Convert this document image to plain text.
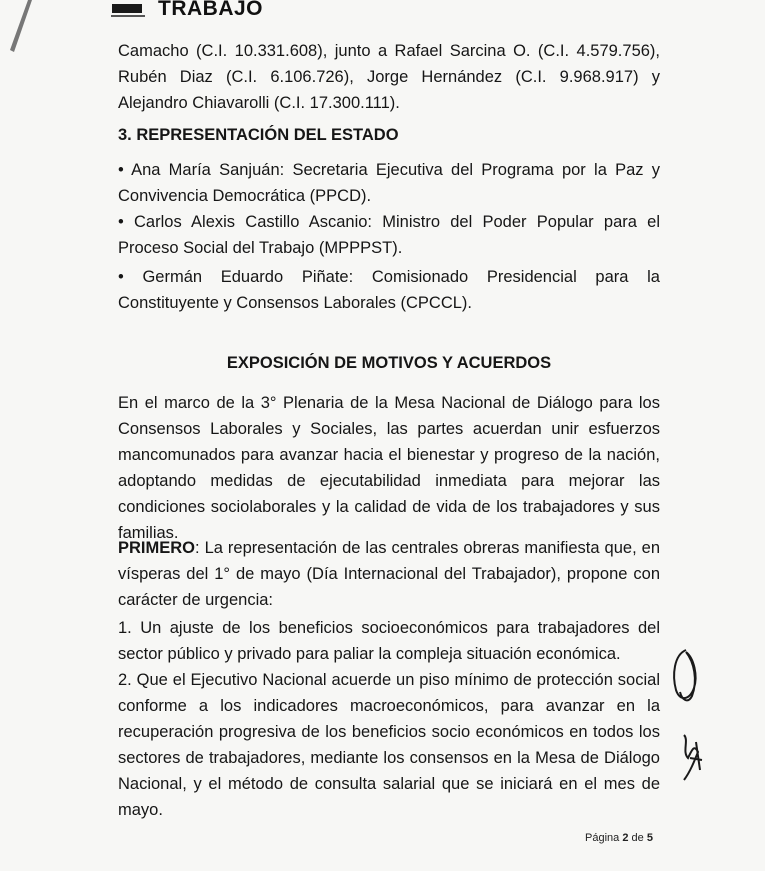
TRABAJO
Camacho (C.I. 10.331.608), junto a Rafael Sarcina O. (C.I. 4.579.756), Rubén Diaz (C.I. 6.106.726), Jorge Hernández (C.I. 9.968.917) y Alejandro Chiavarolli (C.I. 17.300.111).
3. REPRESENTACIÓN DEL ESTADO
• Ana María Sanjuán: Secretaria Ejecutiva del Programa por la Paz y Convivencia Democrática (PPCD).
• Carlos Alexis Castillo Ascanio: Ministro del Poder Popular para el Proceso Social del Trabajo (MPPPST).
• Germán Eduardo Piñate: Comisionado Presidencial para la Constituyente y Consensos Laborales (CPCCL).
EXPOSICIÓN DE MOTIVOS Y ACUERDOS
En el marco de la 3° Plenaria de la Mesa Nacional de Diálogo para los Consensos Laborales y Sociales, las partes acuerdan unir esfuerzos mancomunados para avanzar hacia el bienestar y progreso de la nación, adoptando medidas de ejecutabilidad inmediata para mejorar las condiciones sociolaborales y la calidad de vida de los trabajadores y sus familias.
PRIMERO: La representación de las centrales obreras manifiesta que, en vísperas del 1° de mayo (Día Internacional del Trabajador), propone con carácter de urgencia:
1. Un ajuste de los beneficios socioeconómicos para trabajadores del sector público y privado para paliar la compleja situación económica.
2. Que el Ejecutivo Nacional acuerde un piso mínimo de protección social conforme a los indicadores macroeconómicos, para avanzar en la recuperación progresiva de los beneficios socio económicos en todos los sectores de trabajadores, mediante los consensos en la Mesa de Diálogo Nacional, y el método de consulta salarial que se iniciará en el mes de mayo.
Página 2 de 5
